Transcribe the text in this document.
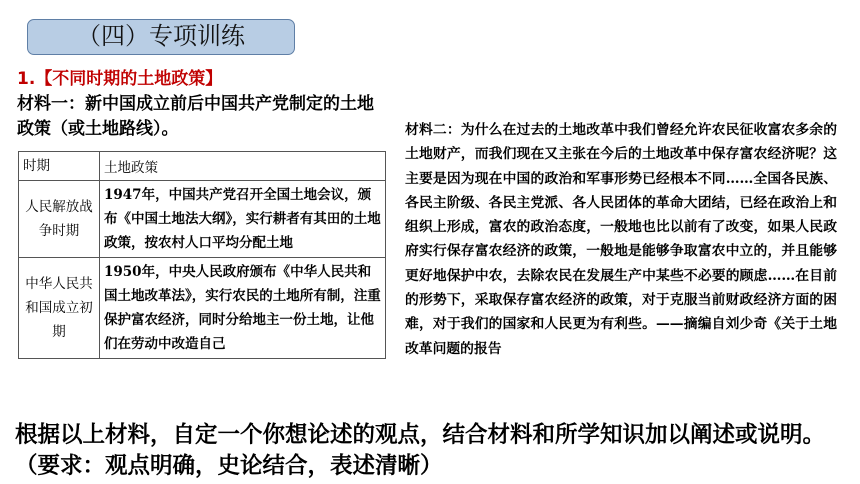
（四）专项训练
1.【不同时期的土地政策】
材料一：新中国成立前后中国共产党制定的土地政策（或土地路线）。
时期	土地政策
人民解放战争时期	1947年，中国共产党召开全国土地会议，颁布《中国土地法大纲》，实行耕者有其田的土地政策，按农村人口平均分配土地
中华人民共和国成立初期	1950年，中央人民政府颁布《中华人民共和国土地改革法》，实行农民的土地所有制，注重保护富农经济，同时分给地主一份土地，让他们在劳动中改造自己
材料二：为什么在过去的土地改革中我们曾经允许农民征收富农多余的土地财产，而我们现在又主张在今后的土地改革中保存富农经济呢？这主要是因为现在中国的政治和军事形势已经根本不同……全国各民族、各民主阶级、各民主党派、各人民团体的革命大团结，已经在政治上和组织上形成，富农的政治态度，一般地也比以前有了改变，如果人民政府实行保存富农经济的政策，一般地是能够争取富农中立的，并且能够更好地保护中农，去除农民在发展生产中某些不必要的顾虑……在目前的形势下，采取保存富农经济的政策，对于克服当前财政经济方面的困难，对于我们的国家和人民更为有利些。——摘编自刘少奇《关于土地改革问题的报告
根据以上材料，自定一个你想论述的观点，结合材料和所学知识加以阐述或说明。（要求：观点明确，史论结合，表述清晰）
